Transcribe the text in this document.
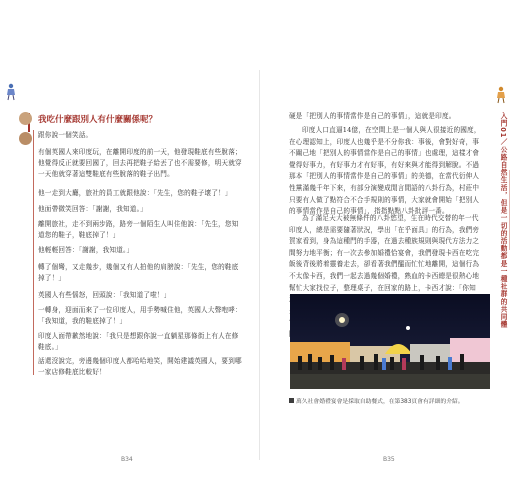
我吃什麼跟別人有什麼關係呢？

跟你說一個笑話。

有個英國人來印度玩，在離開印度的前一天，他發現鞋底有些脫落；他覺得反正就要回國了，回去再把鞋子給丟了也不需要修，明天就穿一天他就穿著這雙鞋底有些脫落的鞋子出門。

他一走到大廳，旅社的員工就跟他說：「先生，您的鞋子壞了！」

他面帶微笑回答：「謝謝，我知道。」

離開旅社，走不到兩步路，路旁一個陌生人叫住他說：「先生，您知道您的鞋子，鞋底掉了！」

他輕輕回答：「謝謝，我知道。」

轉了個彎，又走幾步，幾個又有人拍他的肩膀說：「先生，您的鞋底掉了！」

英國人有些惱怒，回頭說：「我知道了啦！」

一轉身，迎面而來了一位印度人，用手勢喊住他，英國人大聲咆哮：「我知道，我的鞋底掉了！」

印度人面帶歉然地說：「我只是想跟你說一直躺星那條街上有人在修鞋底。」

話還沒說完，旁邊幾個印度人都哈哈地笑，開始建議英國人，要到哪一家店修鞋底比較好！

B34
入門01／公路自然生活，但是一切的活動都是一種社群的共同體

硬是「把別人的事情當作是自己的事情」，這就是印度。

印度人口直逼14億，在空間上是一個人與人很接近的國度，在心理認知上，印度人也幾乎是不分你我：事後，會對好奇，事不關己地「把別人的事情當作是自己的事情」也處理，這樣才會覺得好事力，有好事力才有好事，有好來與才能得到解脫。不過那本「把別人的事情當作是自己的事情」的美德，在當代衍伸人性黨滿幾千年下來，有部分演變成閒言閒語的八卦行為，村莊中只要有人做了點符合不合手規則的事情，大家就會開始「把別人的事情當作是自己的事情」，指指點點八卦批評一番。

為了滿足天大被無條件的八卦慾望，生在時代交替的年一代印度人，總是需要隨著狀況，學出「在乎面具」的行為，我們旁賀家看到，身為這種門的手器，在過去種族規則與現代方法力之間努力地平衡；有一次去參加婚禮恰宴會，我們發現卡西在吃完飯後背後將着靈養走去，卻看著我們醞而忙忙地離開，這個行為不太像卡西，我們一起去過幾個婚禮，熟血的卡西總是很熱心地幫忙大家找位子，整理桌子，在回家的路上，卡西才說：「你知

萬久社會婚禮宴會是採取自助餐式，在第383頁會有詳細的介紹。
B35
